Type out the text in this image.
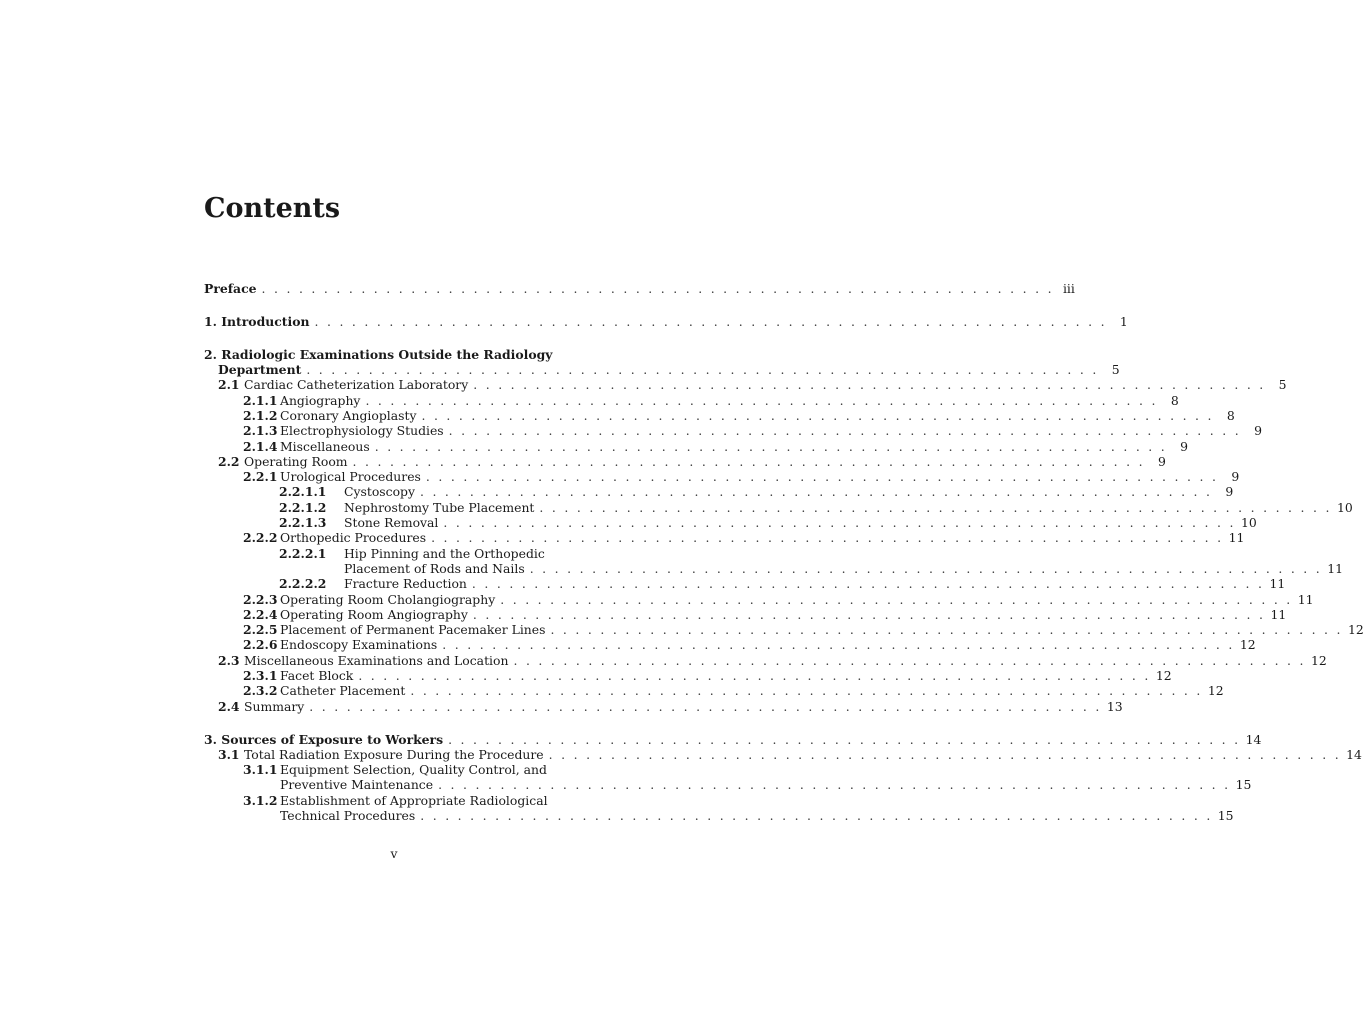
Contents
Preface . . . . . . . . . . . . . . . . . . . . . . . . . . . . . . . . . . . . . . . . . . . . . . . . . . . . . . . . . . . . . . . . iii
1. Introduction . . . . . . . . . . . . . . . . . . . . . . . . . . . . . . . . . . . . . . . . . . . . . . . . . . . . . . . . . . . . . . . .	1
2. Radiologic Examinations Outside the Radiology
Department . . . . . . . . . . . . . . . . . . . . . . . . . . . . . . . . . . . . . . . . . . . . . . . . . . . . . . . . . . . . . . . .	5
2.1 Cardiac Catheterization Laboratory . . . . . . . . . . . . . . . . . . . . . . . . . . . . . . . . . . . . . . . . . . . . . . . . . . . . . . . . . . . . . . . .	5
2.1.1 Angiography . . . . . . . . . . . . . . . . . . . . . . . . . . . . . . . . . . . . . . . . . . . . . . . . . . . . . . . . . . . . . . . .	8
2.1.2 Coronary Angioplasty . . . . . . . . . . . . . . . . . . . . . . . . . . . . . . . . . . . . . . . . . . . . . . . . . . . . . . . . . . . . . . . .	8
2.1.3 Electrophysiology Studies . . . . . . . . . . . . . . . . . . . . . . . . . . . . . . . . . . . . . . . . . . . . . . . . . . . . . . . . . . . . . . . .	9
2.1.4 Miscellaneous . . . . . . . . . . . . . . . . . . . . . . . . . . . . . . . . . . . . . . . . . . . . . . . . . . . . . . . . . . . . . . . .	9
2.2 Operating Room . . . . . . . . . . . . . . . . . . . . . . . . . . . . . . . . . . . . . . . . . . . . . . . . . . . . . . . . . . . . . . . .	9
2.2.1 Urological Procedures . . . . . . . . . . . . . . . . . . . . . . . . . . . . . . . . . . . . . . . . . . . . . . . . . . . . . . . . . . . . . . . .	9
2.2.1.1 Cystoscopy . . . . . . . . . . . . . . . . . . . . . . . . . . . . . . . . . . . . . . . . . . . . . . . . . . . . . . . . . . . . . . . .	9
2.2.1.2 Nephrostomy Tube Placement . . . . . . . . . . . . . . . . . . . . . . . . . . . . . . . . . . . . . . . . . . . . . . . . . . . . . . . . . . . . . . . . 10
2.2.1.3 Stone Removal . . . . . . . . . . . . . . . . . . . . . . . . . . . . . . . . . . . . . . . . . . . . . . . . . . . . . . . . . . . . . . . . 10
2.2.2 Orthopedic Procedures . . . . . . . . . . . . . . . . . . . . . . . . . . . . . . . . . . . . . . . . . . . . . . . . . . . . . . . . . . . . . . . . 11
2.2.2.1 Hip Pinning and the Orthopedic
Placement of Rods and Nails . . . . . . . . . . . . . . . . . . . . . . . . . . . . . . . . . . . . . . . . . . . . . . . . . . . . . . . . . . . . . . . . 11
2.2.2.2 Fracture Reduction . . . . . . . . . . . . . . . . . . . . . . . . . . . . . . . . . . . . . . . . . . . . . . . . . . . . . . . . . . . . . . . . 11
2.2.3 Operating Room Cholangiography . . . . . . . . . . . . . . . . . . . . . . . . . . . . . . . . . . . . . . . . . . . . . . . . . . . . . . . . . . . . . . . . 11
2.2.4 Operating Room Angiography . . . . . . . . . . . . . . . . . . . . . . . . . . . . . . . . . . . . . . . . . . . . . . . . . . . . . . . . . . . . . . . . 11
2.2.5 Placement of Permanent Pacemaker Lines . . . . . . . . . . . . . . . . . . . . . . . . . . . . . . . . . . . . . . . . . . . . . . . . . . . . . . . . . . . . . . . . 12
2.2.6 Endoscopy Examinations . . . . . . . . . . . . . . . . . . . . . . . . . . . . . . . . . . . . . . . . . . . . . . . . . . . . . . . . . . . . . . . . 12
2.3 Miscellaneous Examinations and Location . . . . . . . . . . . . . . . . . . . . . . . . . . . . . . . . . . . . . . . . . . . . . . . . . . . . . . . . . . . . . . . . 12
2.3.1 Facet Block . . . . . . . . . . . . . . . . . . . . . . . . . . . . . . . . . . . . . . . . . . . . . . . . . . . . . . . . . . . . . . . . 12
2.3.2 Catheter Placement . . . . . . . . . . . . . . . . . . . . . . . . . . . . . . . . . . . . . . . . . . . . . . . . . . . . . . . . . . . . . . . . 12
2.4 Summary . . . . . . . . . . . . . . . . . . . . . . . . . . . . . . . . . . . . . . . . . . . . . . . . . . . . . . . . . . . . . . . . 13
3. Sources of Exposure to Workers . . . . . . . . . . . . . . . . . . . . . . . . . . . . . . . . . . . . . . . . . . . . . . . . . . . . . . . . . . . . . . . . 14
3.1 Total Radiation Exposure During the Procedure . . . . . . . . . . . . . . . . . . . . . . . . . . . . . . . . . . . . . . . . . . . . . . . . . . . . . . . . . . . . . . . . 14
3.1.1 Equipment Selection, Quality Control, and
Preventive Maintenance . . . . . . . . . . . . . . . . . . . . . . . . . . . . . . . . . . . . . . . . . . . . . . . . . . . . . . . . . . . . . . . . 15
3.1.2 Establishment of Appropriate Radiological
Technical Procedures . . . . . . . . . . . . . . . . . . . . . . . . . . . . . . . . . . . . . . . . . . . . . . . . . . . . . . . . . . . . . . . . 15
v
